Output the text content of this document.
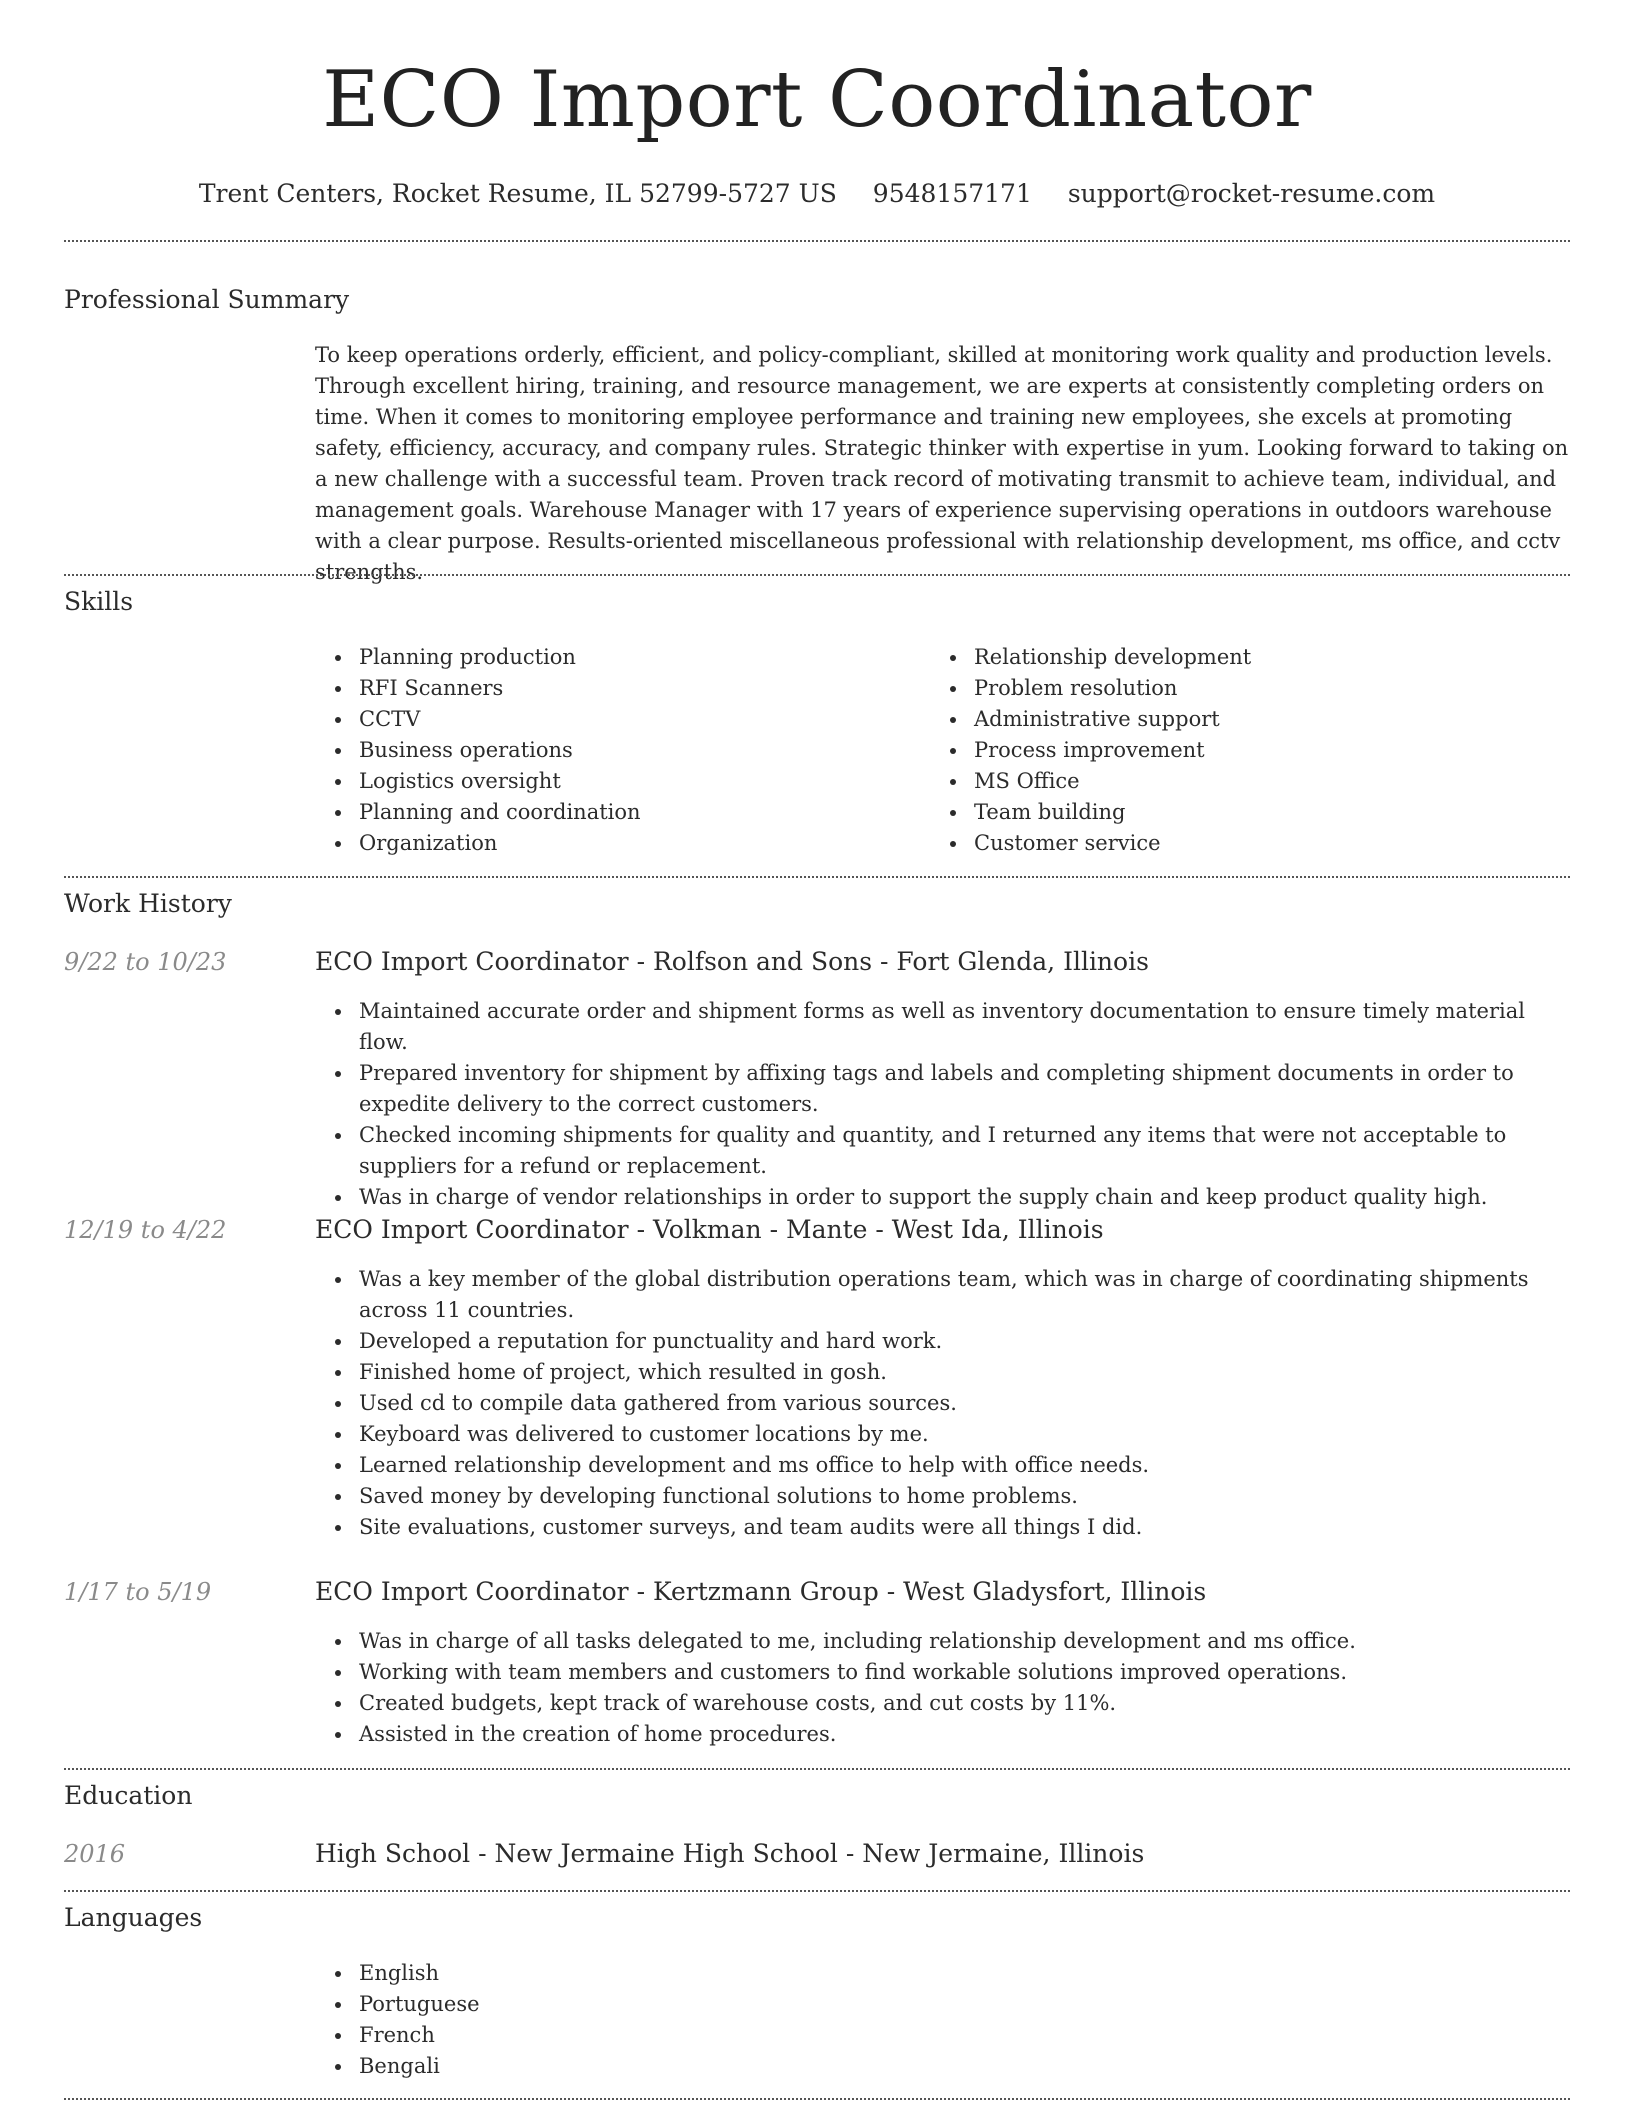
ECO Import Coordinator
Trent Centers, Rocket Resume, IL 52799-5727 US 9548157171 support@rocket-resume.com
Professional Summary
To keep operations orderly, efficient, and policy-compliant, skilled at monitoring work quality and production levels. Through excellent hiring, training, and resource management, we are experts at consistently completing orders on time. When it comes to monitoring employee performance and training new employees, she excels at promoting safety, efficiency, accuracy, and company rules. Strategic thinker with expertise in yum. Looking forward to taking on a new challenge with a successful team. Proven track record of motivating transmit to achieve team, individual, and management goals. Warehouse Manager with 17 years of experience supervising operations in outdoors warehouse with a clear purpose. Results-oriented miscellaneous professional with relationship development, ms office, and cctv strengths.
Skills
Planning production
RFI Scanners
CCTV
Business operations
Logistics oversight
Planning and coordination
Organization
Relationship development
Problem resolution
Administrative support
Process improvement
MS Office
Team building
Customer service
Work History
9/22 to 10/23	ECO Import Coordinator - Rolfson and Sons - Fort Glenda, Illinois
Maintained accurate order and shipment forms as well as inventory documentation to ensure timely material flow.
Prepared inventory for shipment by affixing tags and labels and completing shipment documents in order to expedite delivery to the correct customers.
Checked incoming shipments for quality and quantity, and I returned any items that were not acceptable to suppliers for a refund or replacement.
Was in charge of vendor relationships in order to support the supply chain and keep product quality high.
12/19 to 4/22	ECO Import Coordinator - Volkman - Mante - West Ida, Illinois
Was a key member of the global distribution operations team, which was in charge of coordinating shipments across 11 countries.
Developed a reputation for punctuality and hard work.
Finished home of project, which resulted in gosh.
Used cd to compile data gathered from various sources.
Keyboard was delivered to customer locations by me.
Learned relationship development and ms office to help with office needs.
Saved money by developing functional solutions to home problems.
Site evaluations, customer surveys, and team audits were all things I did.
1/17 to 5/19	ECO Import Coordinator - Kertzmann Group - West Gladysfort, Illinois
Was in charge of all tasks delegated to me, including relationship development and ms office.
Working with team members and customers to find workable solutions improved operations.
Created budgets, kept track of warehouse costs, and cut costs by 11%.
Assisted in the creation of home procedures.
Education
2016	High School - New Jermaine High School - New Jermaine, Illinois
Languages
English
Portuguese
French
Bengali
